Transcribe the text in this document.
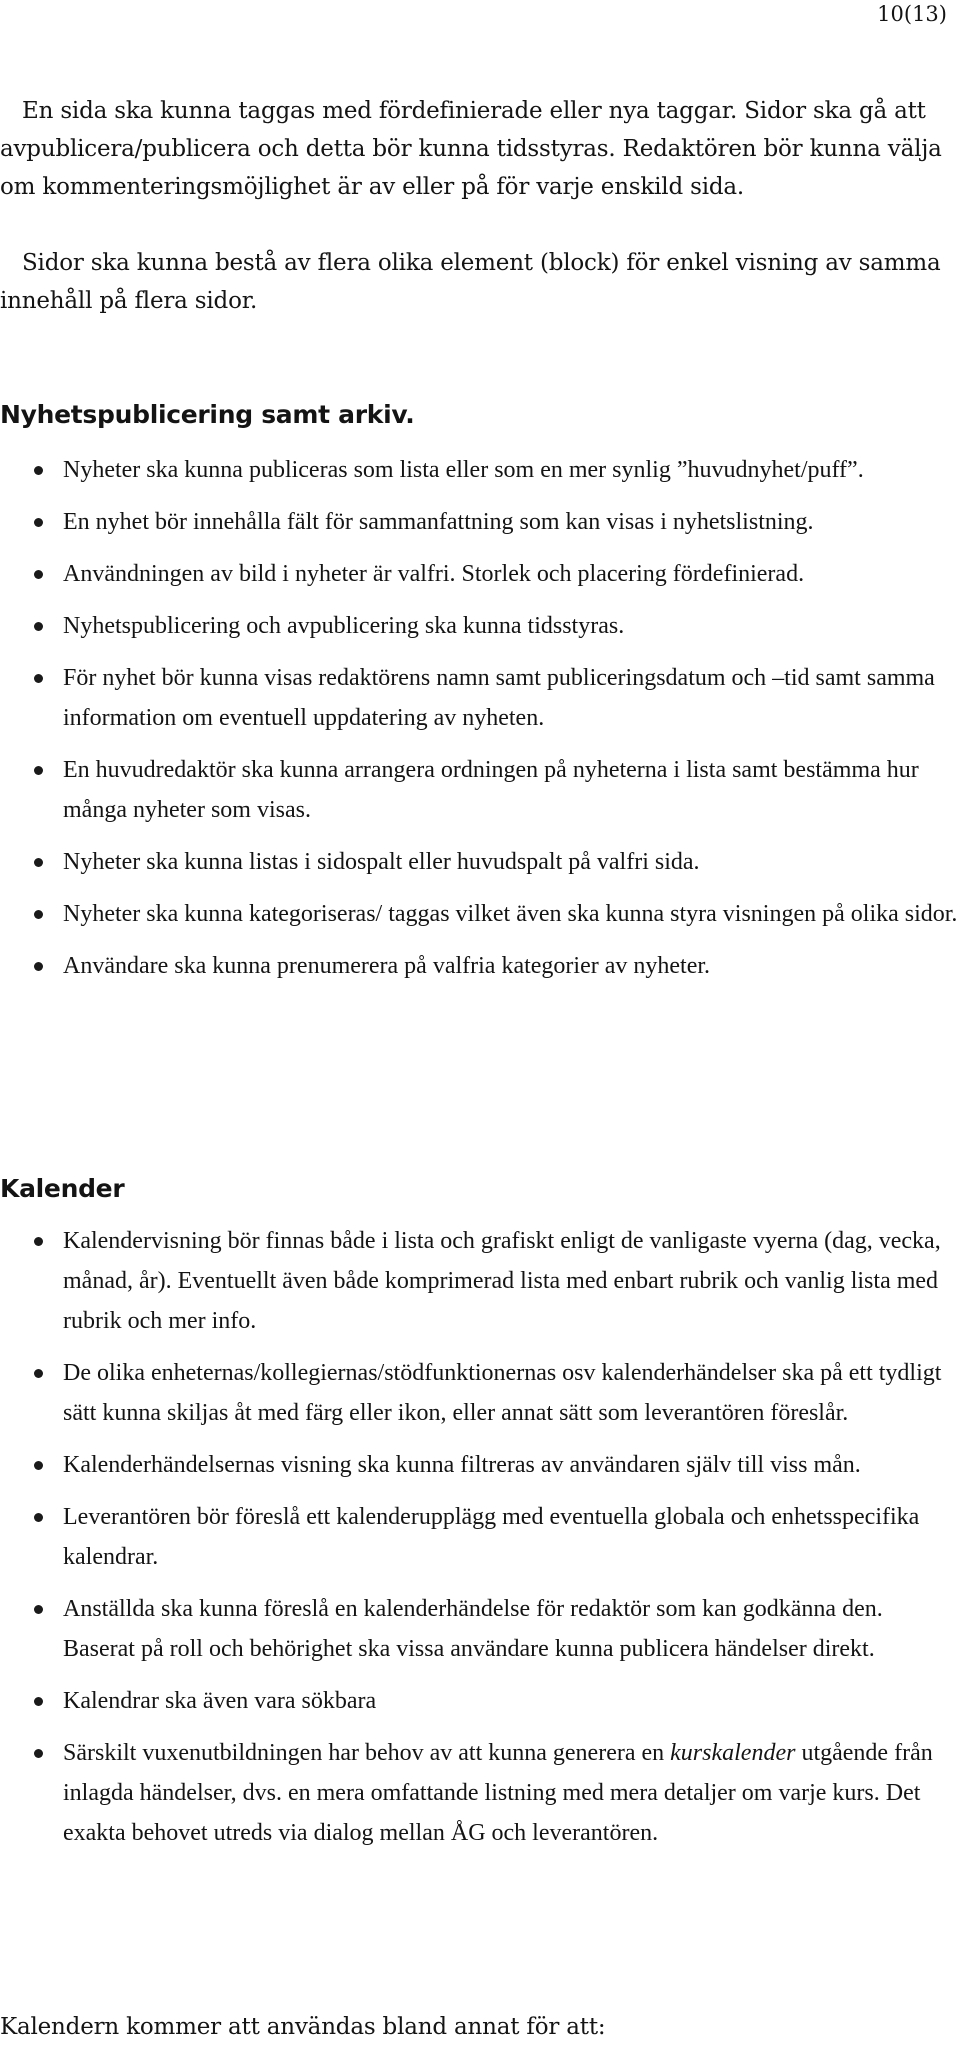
10(13)
En sida ska kunna taggas med fördefinierade eller nya taggar. Sidor ska gå att avpublicera/publicera och detta bör kunna tidsstyras. Redaktören bör kunna välja om kommenteringsmöjlighet är av eller på för varje enskild sida.
Sidor ska kunna bestå av flera olika element (block) för enkel visning av samma innehåll på flera sidor.
Nyhetspublicering samt arkiv.
Nyheter ska kunna publiceras som lista eller som en mer synlig ”huvudnyhet/puff”.
En nyhet bör innehålla fält för sammanfattning som kan visas i nyhetslistning.
Användningen av bild i nyheter är valfri. Storlek och placering fördefinierad.
Nyhetspublicering och avpublicering ska kunna tidsstyras.
För nyhet bör kunna visas redaktörens namn samt publiceringsdatum och –tid samt samma information om eventuell uppdatering av nyheten.
En huvudredaktör ska kunna arrangera ordningen på nyheterna i lista samt bestämma hur många nyheter som visas.
Nyheter ska kunna listas i sidospalt eller huvudspalt på valfri sida.
Nyheter ska kunna kategoriseras/ taggas vilket även ska kunna styra visningen på olika sidor.
Användare ska kunna prenumerera på valfria kategorier av nyheter.
Kalender
Kalendervisning bör finnas både i lista och grafiskt enligt de vanligaste vyerna (dag, vecka, månad, år). Eventuellt även både komprimerad lista med enbart rubrik och vanlig lista med rubrik och mer info.
De olika enheternas/kollegiernas/stödfunktionernas osv kalenderhändelser ska på ett tydligt sätt kunna skiljas åt med färg eller ikon, eller annat sätt som leverantören föreslår.
Kalenderhändelsernas visning ska kunna filtreras av användaren själv till viss mån.
Leverantören bör föreslå ett kalenderupplägg med eventuella globala och enhetsspecifika kalendrar.
Anställda ska kunna föreslå en kalenderhändelse för redaktör som kan godkänna den. Baserat på roll och behörighet ska vissa användare kunna publicera händelser direkt.
Kalendrar ska även vara sökbara
Särskilt vuxenutbildningen har behov av att kunna generera en kurskalender utgående från inlagda händelser, dvs. en mera omfattande listning med mera detaljer om varje kurs. Det exakta behovet utreds via dialog mellan ÅG och leverantören.
Kalendern kommer att användas bland annat för att:
